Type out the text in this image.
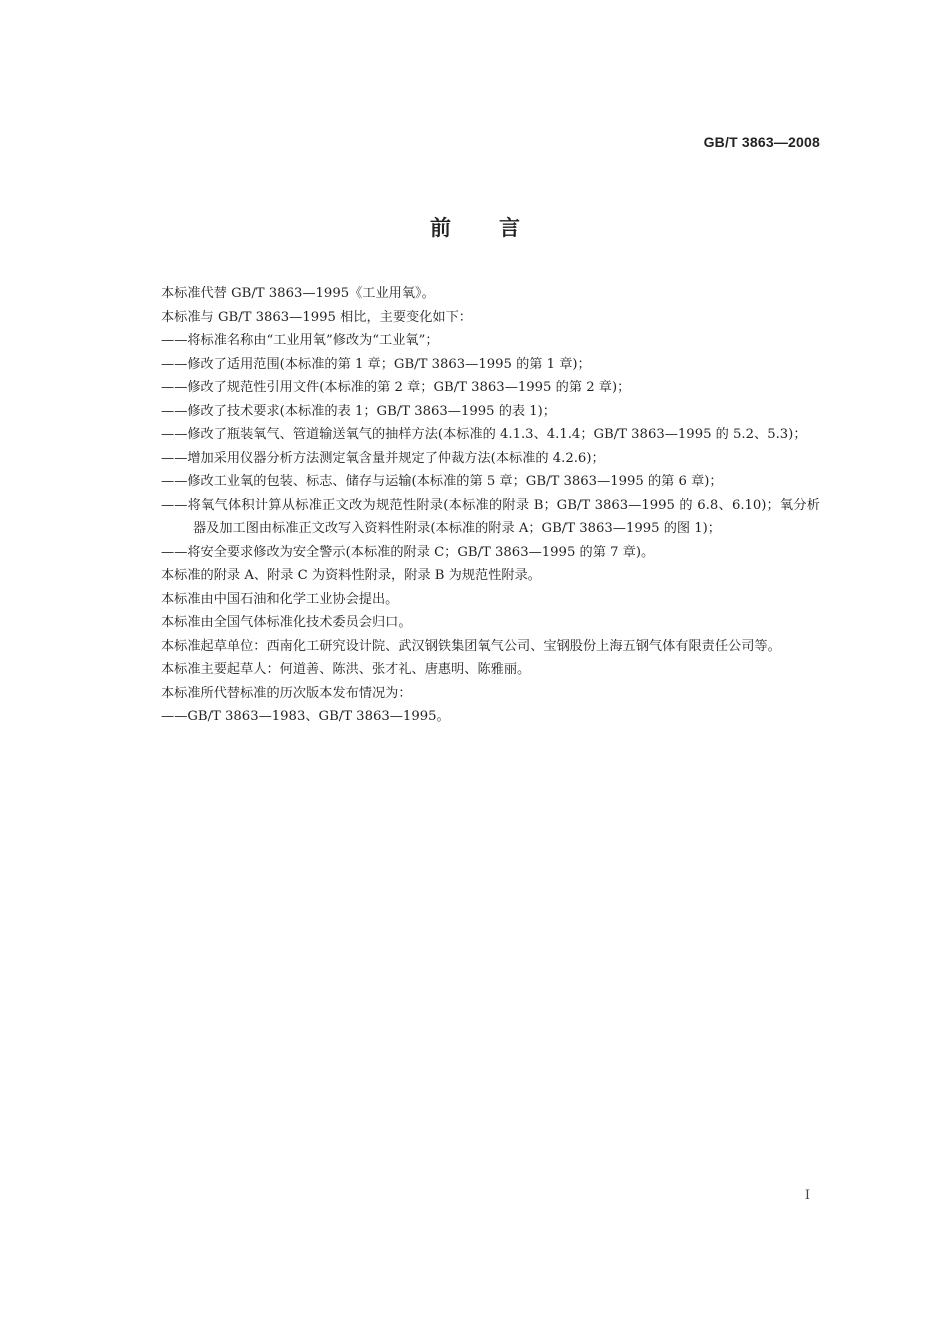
GB/T 3863—2008
前言

本标准代替 GB/T 3863—1995《工业用氧》。

本标准与 GB/T 3863—1995 相比，主要变化如下：

——将标准名称由“工业用氧”修改为“工业氧”；

——修改了适用范围(本标准的第 1 章；GB/T 3863—1995 的第 1 章)；

——修改了规范性引用文件(本标准的第 2 章；GB/T 3863—1995 的第 2 章)；

——修改了技术要求(本标准的表 1；GB/T 3863—1995 的表 1)；

——修改了瓶装氧气、管道输送氧气的抽样方法(本标准的 4.1.3、4.1.4；GB/T 3863—1995 的 5.2、5.3)；

——增加采用仪器分析方法测定氧含量并规定了仲裁方法(本标准的 4.2.6)；

——修改工业氧的包装、标志、储存与运输(本标准的第 5 章；GB/T 3863—1995 的第 6 章)；

——将氧气体积计算从标准正文改为规范性附录(本标准的附录 B；GB/T 3863—1995 的 6.8、6.10)；氧分析器及加工图由标准正文改写入资料性附录(本标准的附录 A；GB/T 3863—1995 的图 1)；

——将安全要求修改为安全警示(本标准的附录 C；GB/T 3863—1995 的第 7 章)。

本标准的附录 A、附录 C 为资料性附录，附录 B 为规范性附录。

本标准由中国石油和化学工业协会提出。

本标准由全国气体标准化技术委员会归口。

本标准起草单位：西南化工研究设计院、武汉钢铁集团氧气公司、宝钢股份上海五钢气体有限责任公司等。

本标准主要起草人：何道善、陈洪、张才礼、唐惠明、陈雅丽。

本标准所代替标准的历次版本发布情况为：

——GB/T 3863—1983、GB/T 3863—1995。

I
